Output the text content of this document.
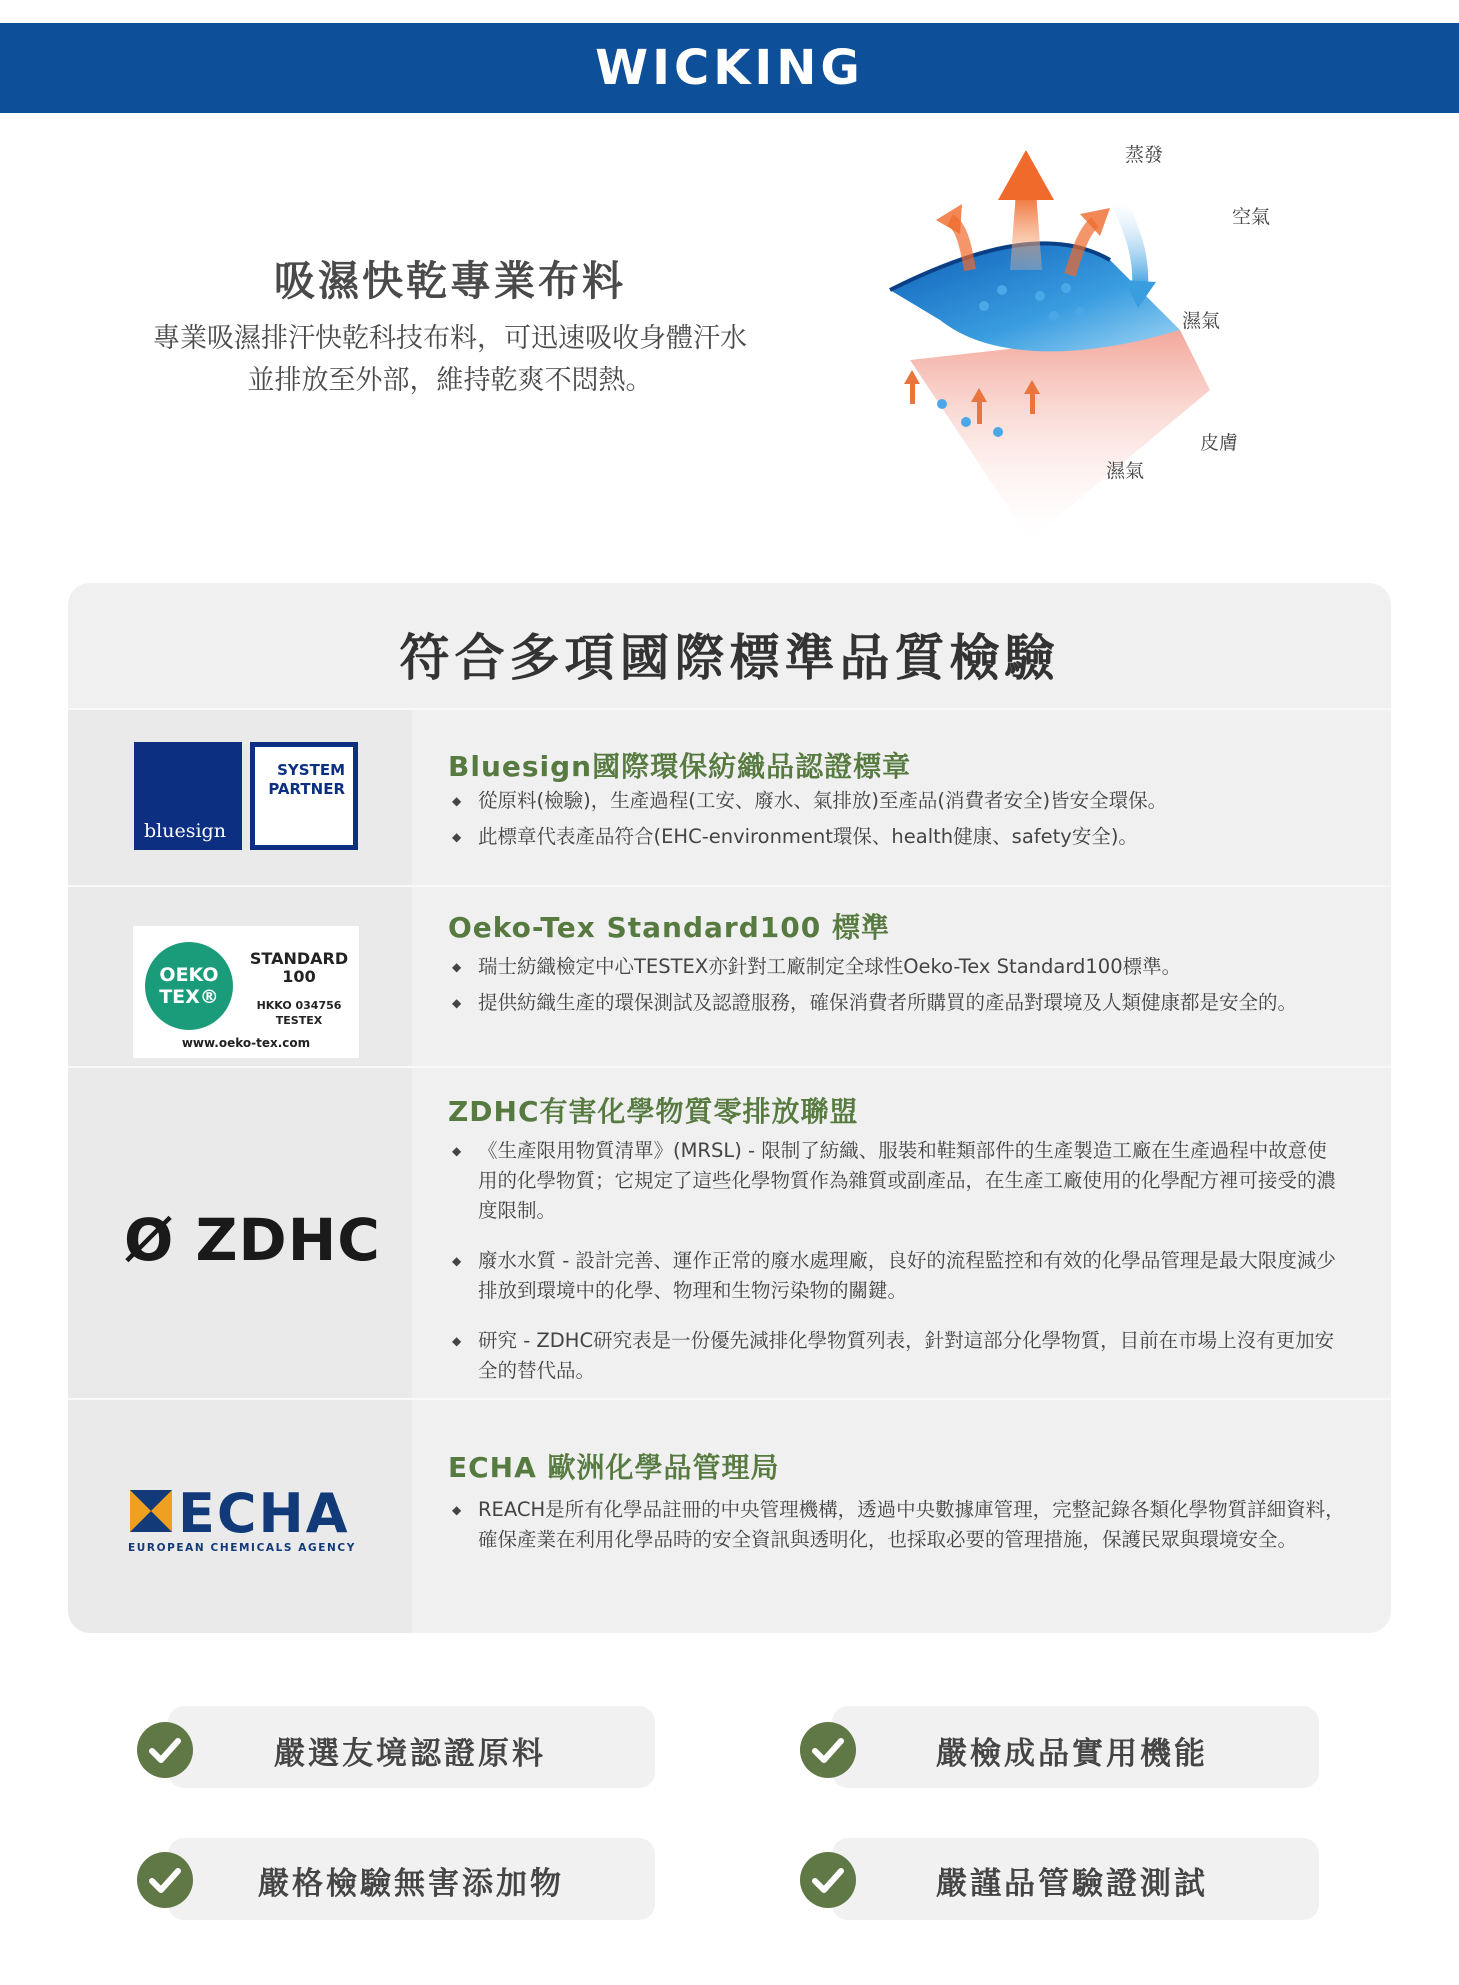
WICKING
吸濕快乾專業布料
專業吸濕排汗快乾科技布料，可迅速吸收身體汗水
並排放至外部，維持乾爽不悶熱。
蒸發
空氣
濕氣
皮膚
濕氣
符合多項國際標準品質檢驗
bluesign
SYSTEM
PARTNER
Bluesign國際環保紡織品認證標章
◆ 從原料(檢驗)，生產過程(工安、廢水、氣排放)至產品(消費者安全)皆安全環保。
◆ 此標章代表產品符合(EHC-environment環保、health健康、safety安全)。
OEKO
TEX®
STANDARD
100
HKKO 034756
TESTEX
www.oeko-tex.com
Oeko-Tex Standard100 標準
◆ 瑞士紡織檢定中心TESTEX亦針對工廠制定全球性Oeko-Tex Standard100標準。
◆ 提供紡織生產的環保測試及認證服務，確保消費者所購買的產品對環境及人類健康都是安全的。
Ø ZDHC
ZDHC有害化學物質零排放聯盟
◆ 《生產限用物質清單》(MRSL) - 限制了紡織、服裝和鞋類部件的生產製造工廠在生產過程中故意使用的化學物質；它規定了這些化學物質作為雜質或副產品，在生產工廠使用的化學配方裡可接受的濃度限制。
◆ 廢水水質 - 設計完善、運作正常的廢水處理廠，良好的流程監控和有效的化學品管理是最大限度減少排放到環境中的化學、物理和生物污染物的關鍵。
◆ 研究 - ZDHC研究表是一份優先減排化學物質列表，針對這部分化學物質，目前在市場上沒有更加安全的替代品。
ECHA
EUROPEAN CHEMICALS AGENCY
ECHA 歐洲化學品管理局
◆ REACH是所有化學品註冊的中央管理機構，透過中央數據庫管理，完整記錄各類化學物質詳細資料，確保產業在利用化學品時的安全資訊與透明化，也採取必要的管理措施，保護民眾與環境安全。
嚴選友境認證原料	嚴檢成品實用機能
嚴格檢驗無害添加物	嚴謹品管驗證測試
